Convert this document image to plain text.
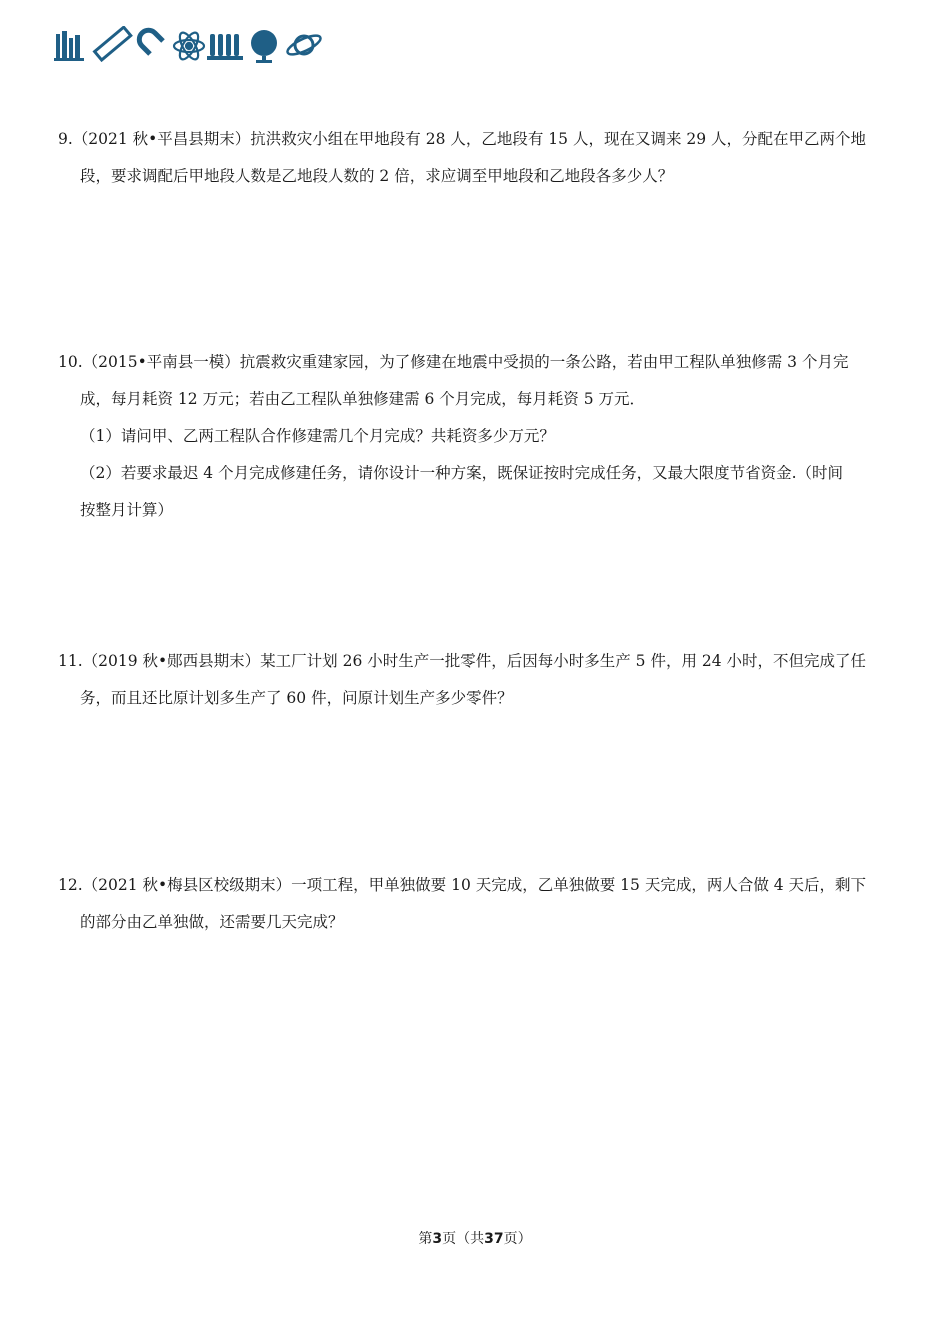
9.（2021 秋•平昌县期末）抗洪救灾小组在甲地段有 28 人，乙地段有 15 人，现在又调来 29 人，分配在甲乙两个地
段，要求调配后甲地段人数是乙地段人数的 2 倍，求应调至甲地段和乙地段各多少人？
10.（2015•平南县一模）抗震救灾重建家园，为了修建在地震中受损的一条公路，若由甲工程队单独修需 3 个月完
成，每月耗资 12 万元；若由乙工程队单独修建需 6 个月完成，每月耗资 5 万元．
（1）请问甲、乙两工程队合作修建需几个月完成？共耗资多少万元？
（2）若要求最迟 4 个月完成修建任务，请你设计一种方案，既保证按时完成任务，又最大限度节省资金.（时间
按整月计算）
11.（2019 秋•郧西县期末）某工厂计划 26 小时生产一批零件，后因每小时多生产 5 件，用 24 小时，不但完成了任
务，而且还比原计划多生产了 60 件，问原计划生产多少零件？
12.（2021 秋•梅县区校级期末）一项工程，甲单独做要 10 天完成，乙单独做要 15 天完成，两人合做 4 天后，剩下
的部分由乙单独做，还需要几天完成？
第3页（共37页）
